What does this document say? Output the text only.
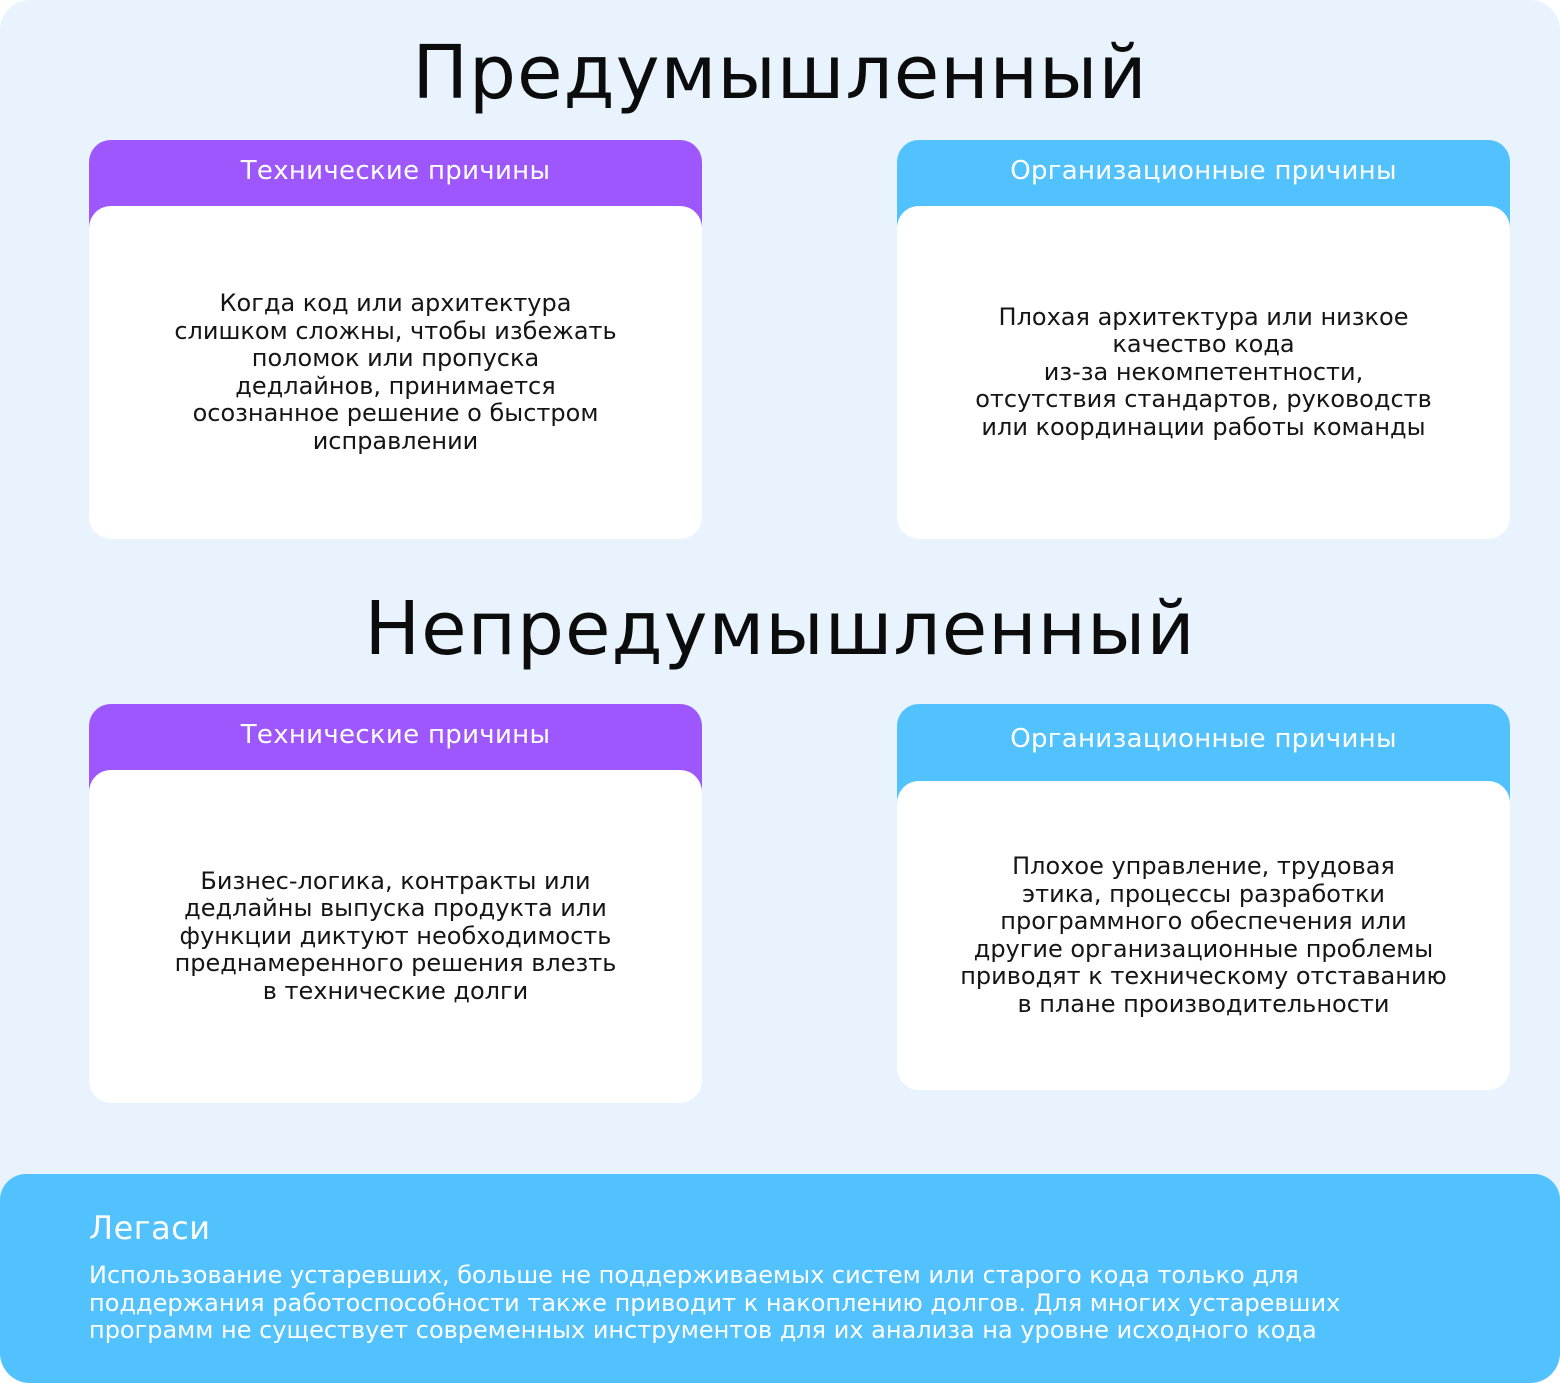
Предумышленный
Технические причины
Когда код или архитектура
слишком сложны, чтобы избежать
поломок или пропуска
дедлайнов, принимается
осознанное решение о быстром
исправлении
Организационные причины
Плохая архитектура или низкое
качество кода
из-за некомпетентности,
отсутствия стандартов, руководств
или координации работы команды
Непредумышленный
Технические причины
Бизнес-логика, контракты или
дедлайны выпуска продукта или
функции диктуют необходимость
преднамеренного решения влезть
в технические долги
Организационные причины
Плохое управление, трудовая
этика, процессы разработки
программного обеспечения или
другие организационные проблемы
приводят к техническому отставанию
в плане производительности
Легаси
Использование устаревших, больше не поддерживаемых систем или старого кода только для
поддержания работоспособности также приводит к накоплению долгов. Для многих устаревших
программ не существует современных инструментов для их анализа на уровне исходного кода
